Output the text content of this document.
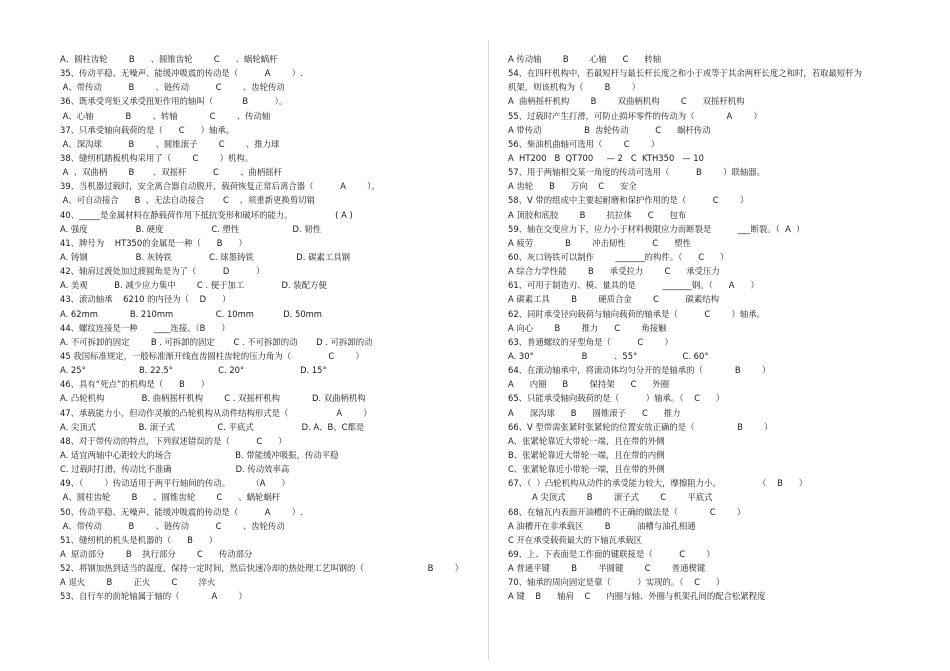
A、圆柱齿轮        B      、圆锥齿轮        C      、蜗轮蜗杆
35、传动平稳、无噪声、能缓冲吸震的传动是（          A        ）.
A、带传动          B        、链传动          C        、齿轮传动
36、既承受弯矩又承受扭矩作用的轴叫（           B          ）。
A、心轴            B        、转轴            C        、传动轴
37、只承受轴向载荷的是（      C      ）轴承。
A、深沟球          B        、圆锥滚子        C        、推力球
38、缝纫机踏板机构采用了（        C        ）机构。
A  、双曲柄        B       、双摇杆          C        、曲柄摇杆
39、当机器过载时，安全离合器自动脱开，载荷恢复正常后离合器（          A        ）。
A、可自动接合      B  、无法自动接合       C    、须重新更换剪切销
40、_____是金属材料在静载荷作用下抵抗变形和破坏的能力。                ( A )
A. 强度                  B. 硬度                  C. 塑性                    D. 韧性
41、牌号为    HT350的金属是一种（      B      ）
A. 铸钢                  B. 灰铸铁              C. 球墨铸铁                D. 碳素工具钢
42、轴肩过渡处加过渡圆角是为了（          D          ）
A. 美观          B. 减少应力集中        C . 便于加工              D. 装配方便
43、滚动轴承    6210 的内径为（    D      ）
A. 62mm            B. 210mm                C. 10mm           D. 50mm
44、螺纹连接是一种      ____连接。（B      ）
A. 不可拆卸的固定        B . 可拆卸的固定       C . 不可拆卸的动       D . 可拆卸的动
45 我国标准规定，一般标准渐开线直齿圆柱齿轮的压力角为（              C        ）
A. 25°                    B. 22.5°                 C. 20°                     D. 15°
46、具有“死点”的机构是（      B      ）
A. 凸轮机构              B. 曲柄摇杆机构        C . 双摇杆机构            D. 双曲柄机构
47、承载能力小，但动作灵敏的凸轮机构从动件结构形式是（                  A        ）
A. 尖顶式                B. 滚子式                C. 平底式                  D. A、B、C都是
48、对于带传动的特点，下列叙述错误的是（          C      ）
A. 适宜两轴中心距较大的场合                        B. 带能缓冲吸振，传动平稳
C. 过载时打滑，传动比不准确                        D. 传动效率高
49、（        ）传动适用于两平行轴间的传动。        （A      ）
A、圆柱齿轮        B      、圆锥齿轮        C      、蜗轮蜗杆
50、传动平稳、无噪声、能缓冲吸震的传动是（          A        ）.
A、带传动          B        、链传动          C        、齿轮传动
51、缝纫机的机头是机器的（      B      ）
A  原动部分        B    执行部分        C      传动部分
52、将钢加热到适当的温度，保持一定时间，然后快速冷却的热处理工艺叫钢的（                        B        ）
A 退火        B        正火        C        淬火
53、自行车的前轮轴属于轴的（            A        ）
A 传动轴        B        心轴      C      转轴
54、在四杆机构中，若最短杆与最长杆长度之和小于或等于其余两杆长度之和时，若取最短杆为
机架，则该机构为（        B        ）
A  曲柄摇杆机构        B        双曲柄机构        C      双摇杆机构
55、过载时产生打滑，可防止损坏零件的传动为（            A        ）
A 带传动                B  齿轮传动          C      蜗杆传动
56、柴油机曲轴可选用（        C        ）
A  HT200   B  QT700     — 2   C  KTH350   — 10
57、用于两轴相交某一角度的传动可选用（          B        ）联轴器。
A 齿轮      B      万向    C      安全
58、V 带的组成中主要起耐磨和保护作用的是（          C        ）
A 顶胶和底胶        B        抗拉体      C      包布
59、轴在交变应力下，应力小于材料极限应力而断裂是          ___断裂。（  A  ）
A 疲劳            B        冲击韧性          C      塑性
60、灰口铸铁可以制作        _______的构件。（      C      ）
A 综合力学性能        B      承受拉力        C      承受压力
61、可用于制造刃、模、量具的是          _______钢。（      A      ）
A 碳素工具        B        硬质合金        C          碳素结构
62、同时承受径向载荷与轴向载荷的轴承是（          C        ）轴承。
A 向心        B        推力      C        角接触
63、普通螺纹的牙型角是（          C        ）
A. 30°                  B          、55°                 C. 60°
64、在滚动轴承中，将滚动体均匀分开的是轴承的（            B        ）
A      内圈      B        保持架      C      外圈
65、只能承受轴向载荷的是（          ）轴承。（    C      ）
A      深沟球      B      圆锥滚子      C      推力
66、V 型带需张紧时张紧轮的位置安放正确的是（                B        ）
A、张紧轮靠近大带轮一端，且在带的外侧
B、张紧轮靠近大带轮一端，且在带的内侧
C、张紧轮靠近小带轮一端，且在带的外侧
67、（  ）凸轮机构从动件的承受能力较大，摩擦阻力小。              （    B      ）
A 尖顶式        B        滚子式        C        平底式
68、在轴瓦内表面开油槽的不正确的做法是（            C        ）
A 油槽开在非承载区        B          油槽与油孔相通
C 开在承受载荷最大的下轴瓦承载区
69、上、下表面是工作面的键联接是（          C        ）
A 普通平键        B        半圆键        C        普通楔键
70、轴承的周向固定是靠（          ）实现的。（    C      ）
A 键    B      轴肩    C      内圈与轴、外圈与机架孔间的配合松紧程度
